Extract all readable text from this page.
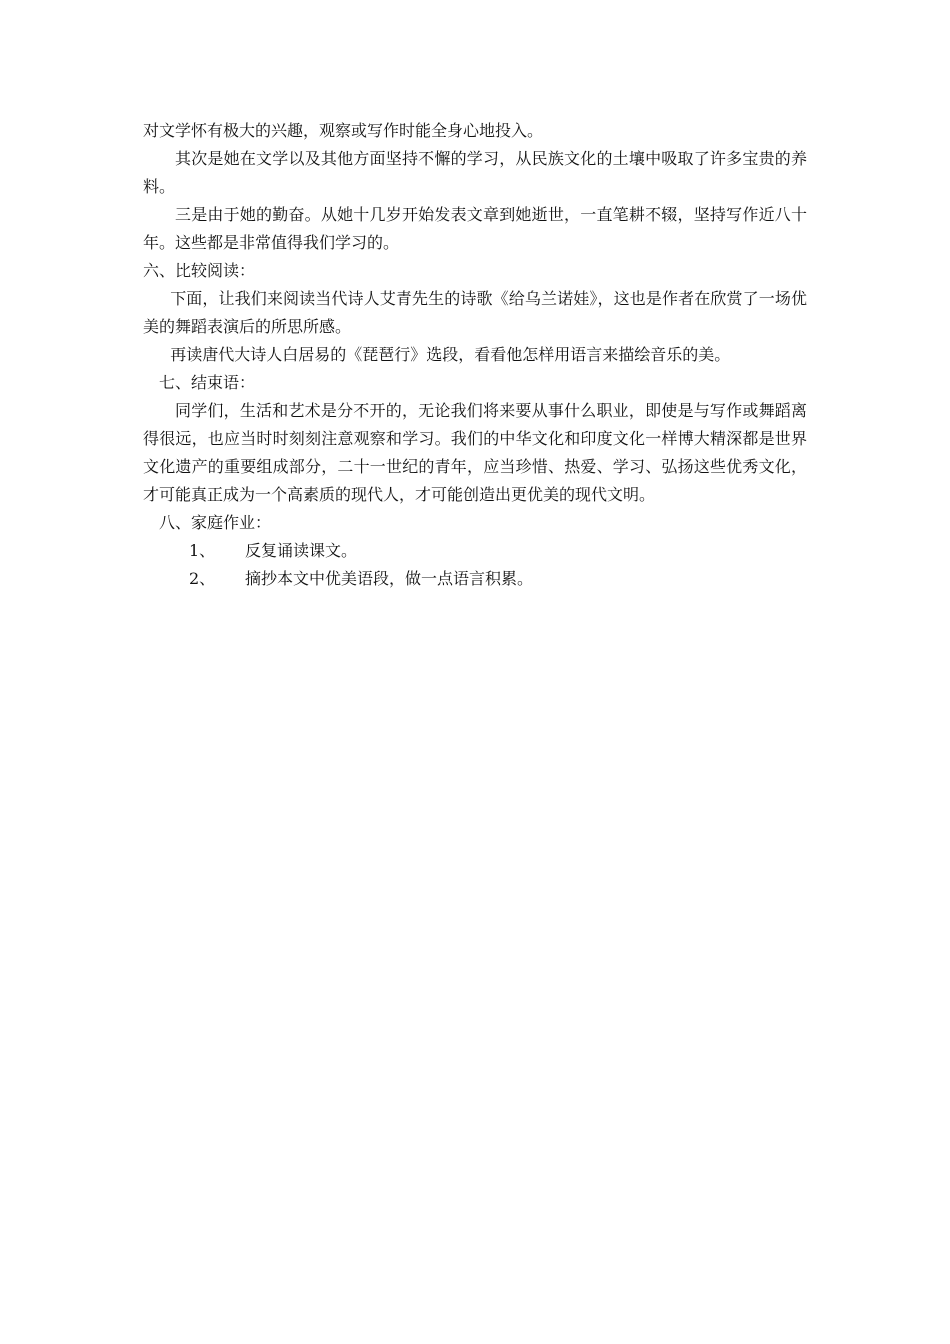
对文学怀有极大的兴趣，观察或写作时能全身心地投入。

其次是她在文学以及其他方面坚持不懈的学习，从民族文化的土壤中吸取了许多宝贵的养料。

三是由于她的勤奋。从她十几岁开始发表文章到她逝世，一直笔耕不辍，坚持写作近八十年。这些都是非常值得我们学习的。

六、比较阅读：

下面，让我们来阅读当代诗人艾青先生的诗歌《给乌兰诺娃》，这也是作者在欣赏了一场优美的舞蹈表演后的所思所感。

再读唐代大诗人白居易的《琵琶行》选段，看看他怎样用语言来描绘音乐的美。

七、结束语：

同学们，生活和艺术是分不开的，无论我们将来要从事什么职业，即使是与写作或舞蹈离得很远，也应当时时刻刻注意观察和学习。我们的中华文化和印度文化一样博大精深都是世界文化遗产的重要组成部分，二十一世纪的青年，应当珍惜、热爱、学习、弘扬这些优秀文化，才可能真正成为一个高素质的现代人，才可能创造出更优美的现代文明。

八、家庭作业：

1、	反复诵读课文。
2、	摘抄本文中优美语段，做一点语言积累。
